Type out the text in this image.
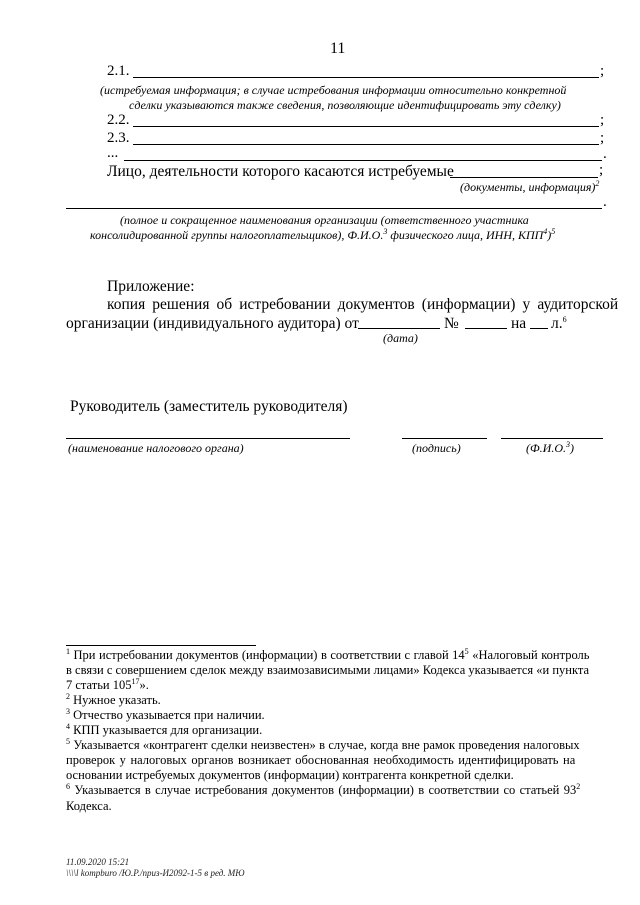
11
2.1.	;
(истребуемая информация; в случае истребования информации относительно конкретной
сделки указываются также сведения, позволяющие идентифицировать эту сделку)
2.2.	;
2.3.	;
...	.
Лицо, деятельности которого касаются истребуемые	;
(документы, информация)$^2$
.
(полное и сокращенное наименования организации (ответственного участника
консолидированной группы налогоплательщиков), Ф.И.О.$^3$ физического лица, ИНН, КПП$^4$)$^5$
Приложение:
копия решения об истребовании документов (информации) у аудиторской
организации (индивидуального аудитора) от	№	на л.$^6$
(дата)
Руководитель (заместитель руководителя)
(наименование налогового органа)	(подпись)	(Ф.И.О.$^3$)
$^1$ При истребовании документов (информации) в соответствии с главой $14^5$ «Налоговый контроль
в связи с совершением сделок между взаимозависимыми лицами» Кодекса указывается «и пункта
7 статьи $105^{17}$».
$^2$ Нужное указать.
$^3$ Отчество указывается при наличии.
$^4$ КПП указывается для организации.
$^5$ Указывается «контрагент сделки неизвестен» в случае, когда вне рамок проведения налоговых
проверок у налоговых органов возникает обоснованная необходимость идентифицировать на
основании истребуемых документов (информации) контрагента конкретной сделки.
$^6$ Указывается в случае истребования документов (информации) в соответствии со статьей $93^2$
Кодекса.
11.09.2020 15:21
\\\\l kompburo /Ю.Р./приз-И2092-1-5 в ред. МЮ
